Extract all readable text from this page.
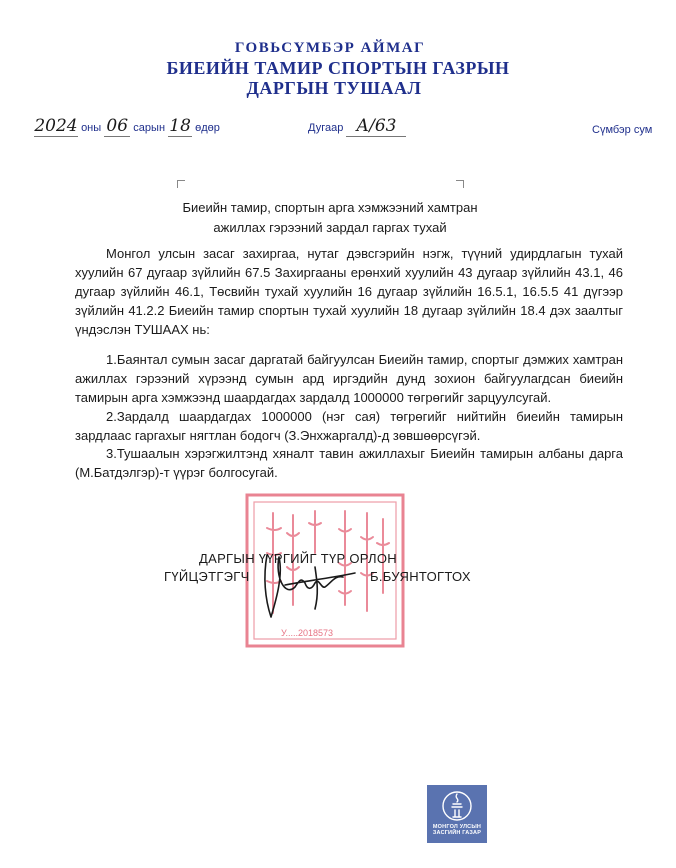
ГОВЬСҮМБЭР АЙМАГ
БИЕИЙН ТАМИР СПОРТЫН ГАЗРЫН
ДАРГЫН ТУШААЛ
2024 оны 06 сарын 18 өдөр	Дугаар А/63	Сүмбэр сум
Биеийн тамир, спортын арга хэмжээний хамтран
ажиллах гэрээний зардал гаргах тухай
Монгол улсын засаг захиргаа, нутаг дэвсгэрийн нэгж, түүний удирдлагын тухай хуулийн 67 дугаар зүйлийн 67.5 Захиргааны ерөнхий хуулийн 43 дугаар зүйлийн 43.1, 46 дугаар зүйлийн 46.1, Төсвийн тухай хуулийн 16 дугаар зүйлийн 16.5.1, 16.5.5 41 дүгээр зүйлийн 41.2.2 Биеийн тамир спортын тухай хуулийн 18 дугаар зүйлийн 18.4 дэх заалтыг үндэслэн ТУШААХ нь:
1.Баянтал сумын засаг даргатай байгуулсан Биеийн тамир, спортыг дэмжих хамтран ажиллах гэрээний хүрээнд сумын ард иргэдийн дунд зохион байгуулагдсан биеийн тамирын арга хэмжээнд шаардагдах зардалд 1000000 төгрөгийг зарцуулсугай.
2.Зардалд шаардагдах 1000000 (нэг сая) төгрөгийг нийтийн биеийн тамирын зардлаас гаргахыг нягтлан бодогч (З.Энхжаргалд)-д зөвшөөрсүгэй.
3.Тушаалын хэрэгжилтэнд хяналт тавин ажиллахыг Биеийн тамирын албаны дарга (М.Батдэлгэр)-т үүрэг болгосугай.
У.....2018573
ДАРГЫН ҮҮРГИЙГ ТҮР ОРЛОН
ГҮЙЦЭТГЭГЧ	Б.БУЯНТОГТОХ
МОНГОЛ УЛСЫН
ЗАСГИЙН ГАЗАР
